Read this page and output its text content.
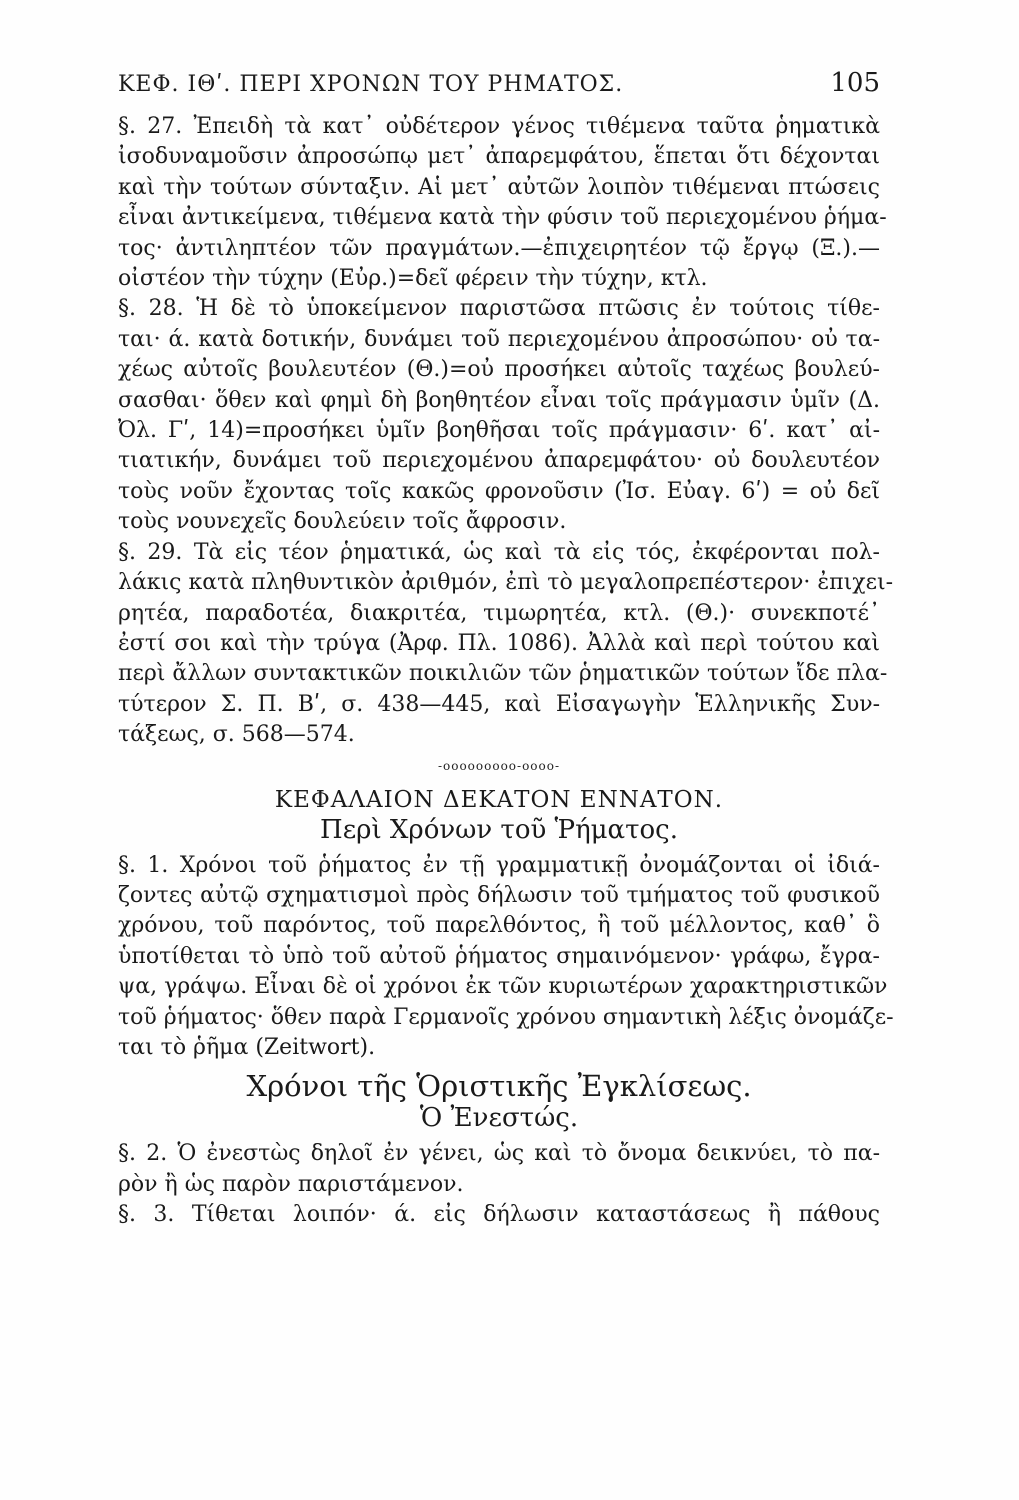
ΚΕΦ. ΙΘʹ. ΠΕΡΙ ΧΡΟΝΩΝ ΤΟΥ ΡΗΜΑΤΟΣ.	105
§. 27. Ἐπειδὴ τὰ κατ᾽ οὐδέτερον γένος τιθέμενα ταῦτα ῥηματικὰ
ἰσοδυναμοῦσιν ἀπροσώπῳ μετ᾽ ἀπαρεμφάτου, ἕπεται ὅτι δέχονται
καὶ τὴν τούτων σύνταξιν. Αἱ μετ᾽ αὐτῶν λοιπὸν τιθέμεναι πτώσεις
εἶναι ἀντικείμενα, τιθέμενα κατὰ τὴν φύσιν τοῦ περιεχομένου ῥήμα-
τος· ἀντιληπτέον τῶν πραγμάτων.—ἐπιχειρητέον τῷ ἔργῳ (Ξ.).—
οἰστέον τὴν τύχην (Εὐρ.)=δεῖ φέρειν τὴν τύχην, κτλ.
§. 28. Ἡ δὲ τὸ ὑποκείμενον παριστῶσα πτῶσις ἐν τούτοις τίθε-
ται· ά. κατὰ δοτικήν, δυνάμει τοῦ περιεχομένου ἀπροσώπου· οὐ τα-
χέως αὐτοῖς βουλευτέον (Θ.)=οὐ προσήκει αὐτοῖς ταχέως βουλεύ-
σασθαι· ὅθεν καὶ φημὶ δὴ βοηθητέον εἶναι τοῖς πράγμασιν ὑμῖν (Δ.
Ὀλ. Γʹ, 14)=προσήκει ὑμῖν βοηθῆσαι τοῖς πράγμασιν· 6ʹ. κατ᾽ αἰ-
τιατικήν, δυνάμει τοῦ περιεχομένου ἀπαρεμφάτου· οὐ δουλευτέον
τοὺς νοῦν ἔχοντας τοῖς κακῶς φρονοῦσιν (Ἰσ. Εὐαγ. 6ʹ) = οὐ δεῖ
τοὺς νουνεχεῖς δουλεύειν τοῖς ἄφροσιν.
§. 29. Τὰ εἰς τέον ῥηματικά, ὡς καὶ τὰ εἰς τός, ἐκφέρονται πολ-
λάκις κατὰ πληθυντικὸν ἀριθμόν, ἐπὶ τὸ μεγαλοπρεπέστερον· ἐπιχει-
ρητέα, παραδοτέα, διακριτέα, τιμωρητέα, κτλ. (Θ.)· συνεκποτέ᾽
ἐστί σοι καὶ τὴν τρύγα (Ἀρφ. Πλ. 1086). Ἀλλὰ καὶ περὶ τούτου καὶ
περὶ ἄλλων συντακτικῶν ποικιλιῶν τῶν ῥηματικῶν τούτων ἴδε πλα-
τύτερον Σ. Π. Βʹ, σ. 438—445, καὶ Εἰσαγωγὴν Ἑλληνικῆς Συν-
τάξεως, σ. 568—574.
-ooooooooo-oooo-
ΚΕΦΑΛΑΙΟΝ ΔΕΚΑΤΟΝ ΕΝΝΑΤΟΝ.
Περὶ Χρόνων τοῦ Ῥήματος.
§. 1. Χρόνοι τοῦ ῥήματος ἐν τῇ γραμματικῇ ὀνομάζονται οἱ ἰδιά-
ζοντες αὐτῷ σχηματισμοὶ πρὸς δήλωσιν τοῦ τμήματος τοῦ φυσικοῦ
χρόνου, τοῦ παρόντος, τοῦ παρελθόντος, ἢ τοῦ μέλλοντος, καθ᾽ ὃ
ὑποτίθεται τὸ ὑπὸ τοῦ αὐτοῦ ῥήματος σημαινόμενον· γράφω, ἔγρα-
ψα, γράψω. Εἶναι δὲ οἱ χρόνοι ἐκ τῶν κυριωτέρων χαρακτηριστικῶν
τοῦ ῥήματος· ὅθεν παρὰ Γερμανοῖς χρόνου σημαντικὴ λέξις ὀνομάζε-
ται τὸ ῥῆμα (Zeitwort).
Χρόνοι τῆς Ὁριστικῆς Ἐγκλίσεως.
Ὁ Ἐνεστώς.
§. 2. Ὁ ἐνεστὼς δηλοῖ ἐν γένει, ὡς καὶ τὸ ὄνομα δεικνύει, τὸ πα-
ρὸν ἢ ὡς παρὸν παριστάμενον.
§. 3. Τίθεται λοιπόν· ά. εἰς δήλωσιν καταστάσεως ἢ πάθους
